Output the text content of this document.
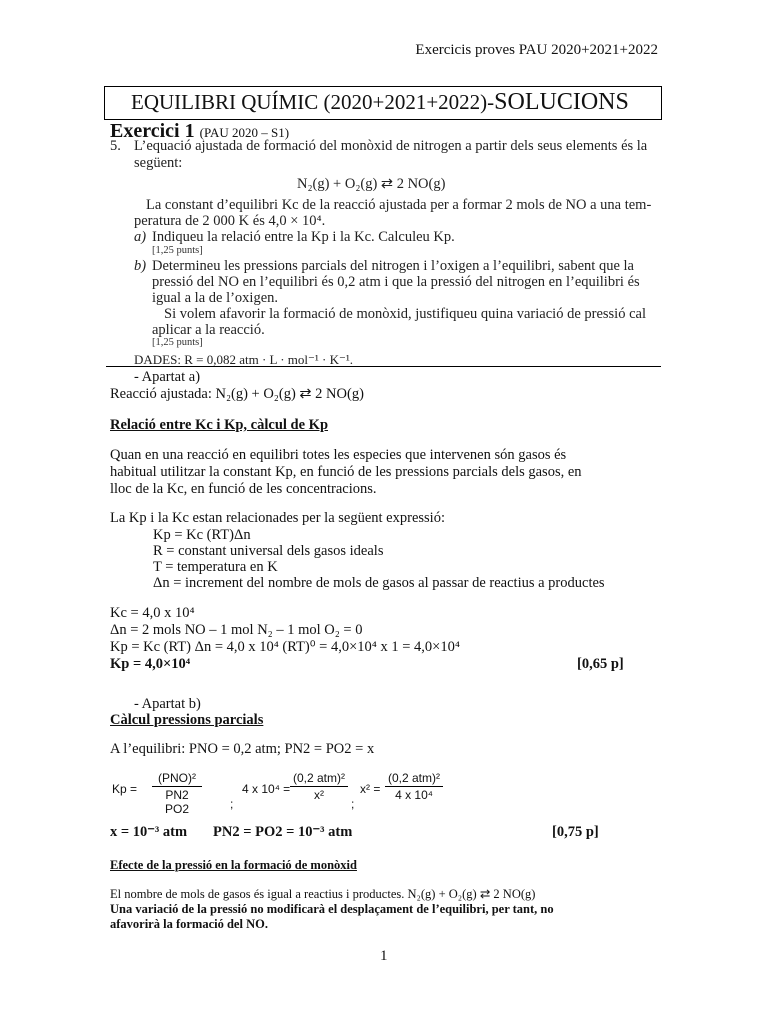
Exercicis proves PAU 2020+2021+2022
EQUILIBRI QUÍMIC (2020+2021+2022)-SOLUCIONS
Exercici 1 (PAU 2020 – S1)
5. L’equació ajustada de formació del monòxid de nitrogen a partir dels seus elements és la
següent:
N₂(g) + O₂(g) ⇄ 2 NO(g)
La constant d’equilibri Kc de la reacció ajustada per a formar 2 mols de NO a una tem-
peratura de 2 000 K és 4,0 × 10⁴.
a) Indiqueu la relació entre la Kp i la Kc. Calculeu Kp.
[1,25 punts]
b) Determineu les pressions parcials del nitrogen i l’oxigen a l’equilibri, sabent que la
pressió del NO en l’equilibri és 0,2 atm i que la pressió del nitrogen en l’equilibri és
igual a la de l’oxigen.
Si volem afavorir la formació de monòxid, justifiqueu quina variació de pressió cal
aplicar a la reacció.
[1,25 punts]
DADES: R = 0,082 atm · L · mol⁻¹ · K⁻¹.
- Apartat a)
Reacció ajustada: N₂(g) + O₂(g) ⇄ 2 NO(g)
Relació entre Kc i Kp, càlcul de Kp
Quan en una reacció en equilibri totes les especies que intervenen són gasos és
habitual utilitzar la constant Kp, en funció de les pressions parcials dels gasos, en
lloc de la Kc, en funció de les concentracions.
La Kp i la Kc estan relacionades per la següent expressió:
Kp = Kc (RT)Δn
R = constant universal dels gasos ideals
T = temperatura en K
Δn = increment del nombre de mols de gasos al passar de reactius a productes
Kc = 4,0 x 10⁴
Δn = 2 mols NO – 1 mol N₂ – 1 mol O₂ = 0
Kp = Kc (RT) Δn = 4,0 x 10⁴ (RT)⁰ = 4,0×10⁴ x 1 = 4,0×10⁴
Kp = 4,0×10⁴	[0,65 p]
- Apartat b)
Càlcul pressions parcials
A l’equilibri: PNO = 0,2 atm; PN2 = PO2 = x
Kp =
(PNO)²
PN2 PO2	;
4 x 10⁴ =
(0,2 atm)²
x²
;
x² =
(0,2 atm)²
4 x 10⁴
x = 10⁻³ atm PN2 = PO2 = 10⁻³ atm	[0,75 p]
Efecte de la pressió en la formació de monòxid
El nombre de mols de gasos és igual a reactius i productes. N₂(g) + O₂(g) ⇄ 2 NO(g)
Una variació de la pressió no modificarà el desplaçament de l’equilibri, per tant, no
afavorirà la formació del NO.
1
